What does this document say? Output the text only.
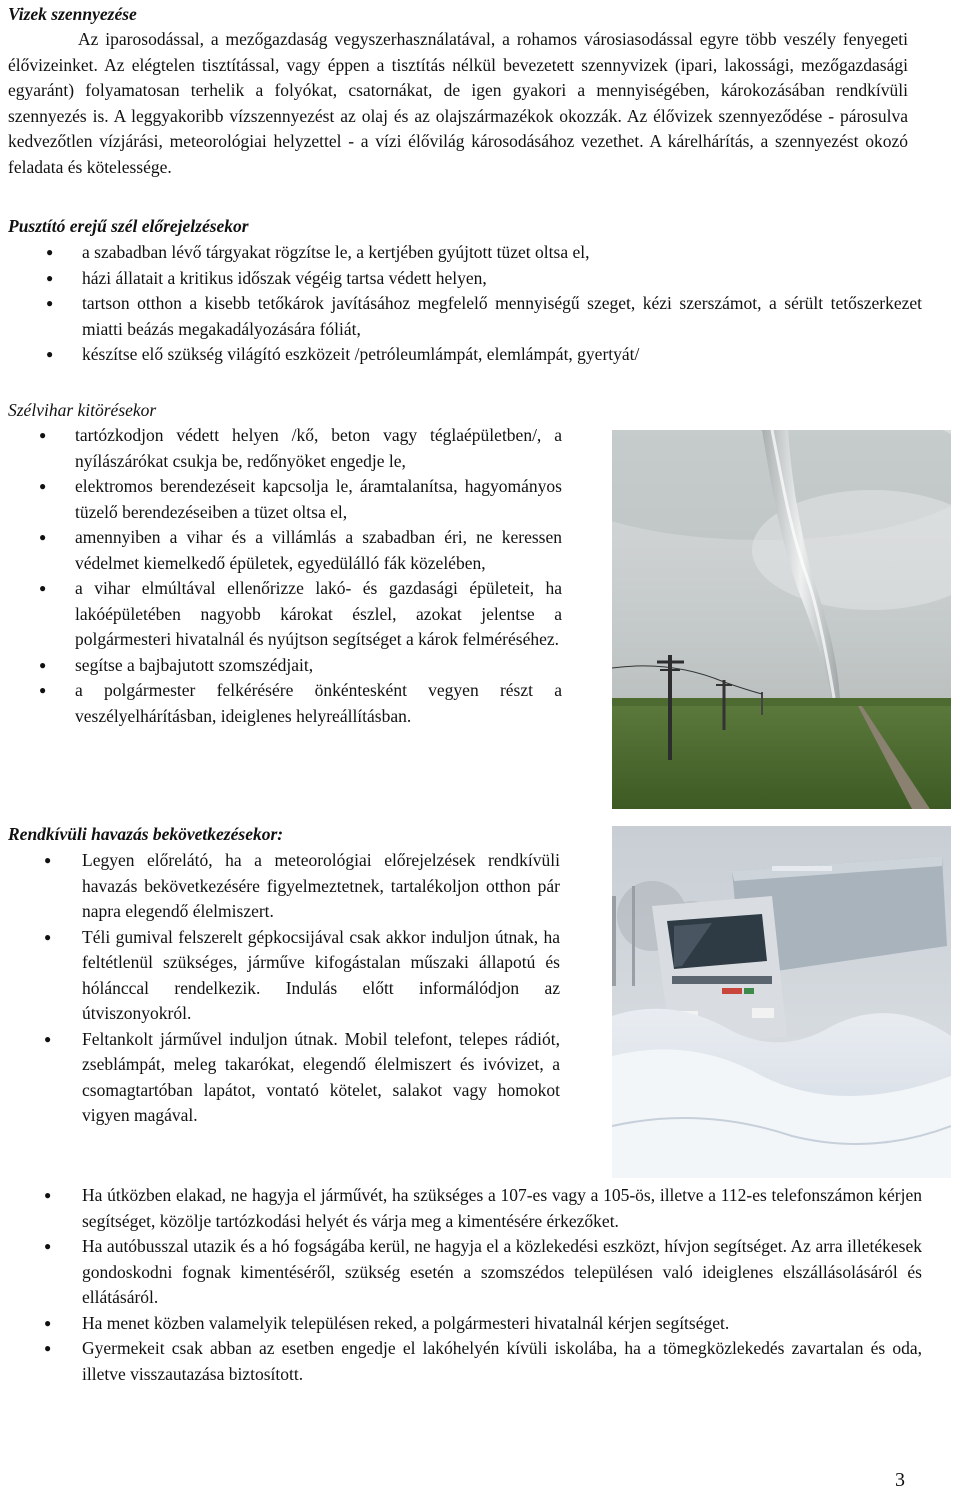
Vizek szennyezése

Az iparosodással, a mezőgazdaság vegyszerhasználatával, a rohamos városiasodással egyre több veszély fenyegeti élővizeinket. Az elégtelen tisztítással, vagy éppen a tisztítás nélkül bevezetett szennyvizek (ipari, lakossági, mezőgazdasági egyaránt) folyamatosan terhelik a folyókat, csatornákat, de igen gyakori a mennyiségében, károkozásában rendkívüli szennyezés is. A leggyakoribb vízszennyezést az olaj és az olajszármazékok okozzák. Az élővizek szennyeződése - párosulva kedvezőtlen vízjárási, meteorológiai helyzettel - a vízi élővilág károsodásához vezethet. A kárelhárítás, a szennyezést okozó feladata és kötelessége.

Pusztító erejű szél előrejelzésekor
● a szabadban lévő tárgyakat rögzítse le, a kertjében gyújtott tüzet oltsa el,
● házi állatait a kritikus időszak végéig tartsa védett helyen,
● tartson otthon a kisebb tetőkárok javításához megfelelő mennyiségű szeget, kézi szerszámot, a sérült tetőszerkezet miatti beázás megakadályozására fóliát,
● készítse elő szükség világító eszközeit /petróleumlámpát, elemlámpát, gyertyát/
Szélvihar kitörésekor
● tartózkodjon védett helyen /kő, beton vagy téglaépületben/, a nyílászárókat csukja be, redőnyöket engedje le,
● elektromos berendezéseit kapcsolja le, áramtalanítsa, hagyományos tüzelő berendezéseiben a tüzet oltsa el,
● amennyiben a vihar és a villámlás a szabadban éri, ne keressen védelmet kiemelkedő épületek, egyedülálló fák közelében,
● a vihar elmúltával ellenőrizze lakó- és gazdasági épületeit, ha lakóépületében nagyobb károkat észlel, azokat jelentse a polgármesteri hivatalnál és nyújtson segítséget a károk felméréséhez.
● segítse a bajbajutott szomszédjait,
● a polgármester felkérésére önkéntesként vegyen részt a veszélyelhárításban, ideiglenes helyreállításban.
Rendkívüli havazás bekövetkezésekor:
● Legyen előrelátó, ha a meteorológiai előrejelzések rendkívüli havazás bekövetkezésére figyelmeztetnek, tartalékoljon otthon pár napra elegendő élelmiszert.
● Téli gumival felszerelt gépkocsijával csak akkor induljon útnak, ha feltétlenül szükséges, járműve kifogástalan műszaki állapotú és hólánccal rendelkezik. Indulás előtt informálódjon az útviszonyokról.
● Feltankolt járművel induljon útnak. Mobil telefont, telepes rádiót, zseblámpát, meleg takarókat, elegendő élelmiszert és ivóvizet, a csomagtartóban lapátot, vontató kötelet, salakot vagy homokot vigyen magával.
● Ha útközben elakad, ne hagyja el járművét, ha szükséges a 107-es vagy a 105-ös, illetve a 112-es telefonszámon kérjen segítséget, közölje tartózkodási helyét és várja meg a kimentésére érkezőket.
● Ha autóbusszal utazik és a hó fogságába kerül, ne hagyja el a közlekedési eszközt, hívjon segítséget. Az arra illetékesek gondoskodni fognak kimentéséről, szükség esetén a szomszédos településen való ideiglenes elszállásolásáról és ellátásáról.
● Ha menet közben valamelyik településen reked, a polgármesteri hivatalnál kérjen segítséget.
● Gyermekeit csak abban az esetben engedje el lakóhelyén kívüli iskolába, ha a tömegközlekedés zavartalan és oda, illetve visszautazása biztosított.
3
